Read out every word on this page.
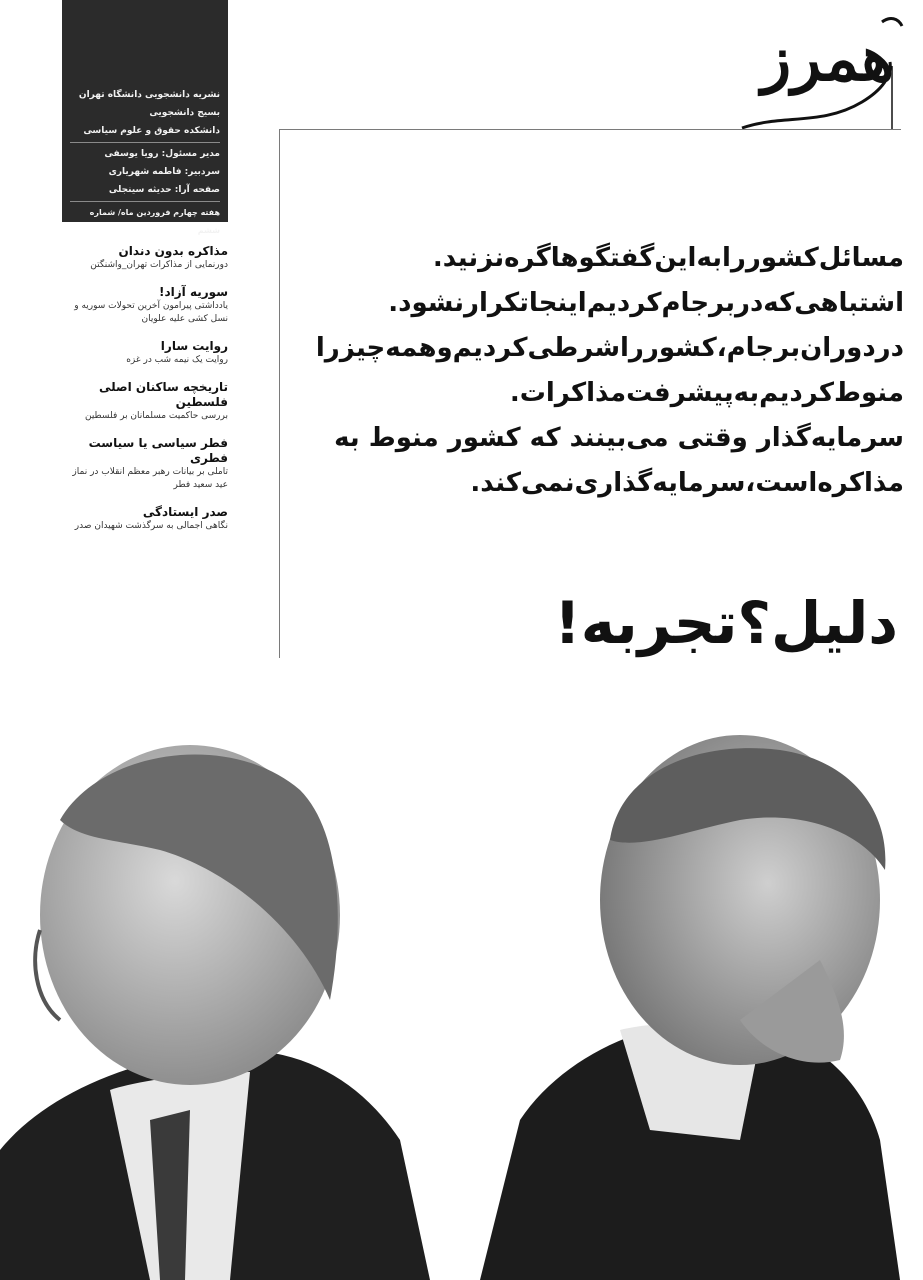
همرز
نشریه دانشجویی دانشگاه تهران
بسیج دانشجویی
دانشکده حقوق و علوم سیاسی
مدیر مسئول: رویا یوسفی
سردبیر: فاطمه شهریاری
صفحه آرا: حدیثه سینجلی
هفته چهارم فروردین ماه/ شماره ششم
مذاکره بدون دندان
دورنمایی از مذاکرات تهران_واشنگتن
سوریه آزاد!
یادداشتی پیرامون آخرین تحولات سوریه و نسل کشی علیه علویان
روایت سارا
روایت یک نیمه شب در غزه
تاریخچه ساکنان اصلی فلسطین
بررسی حاکمیت مسلمانان بر فلسطین
فطر سیاسی یا سیاست فطری
تاملی بر بیانات رهبر معظم انقلاب در نماز عید سعید فطر
صدر ایستادگی
نگاهی اجمالی به سرگذشت شهیدان صدر
مسائل‌کشور‌را‌به‌این‌گفتگو‌ها‌گره‌نزنید.
اشتباهی‌که‌در‌برجام‌کردیم‌اینجا‌تکرار‌نشود.
در‌دوران‌برجام،‌کشور‌را‌شرطی‌کردیم‌و‌همه‌چیز‌را
منوط‌کردیم‌به‌پیشرفت‌مذاکرات.
سرمایه‌گذار وقتی می‌بینند که کشور منوط به
مذاکره‌است،‌سرمایه‌گذاری‌نمی‌کند.
دلیل؟تجربه!
